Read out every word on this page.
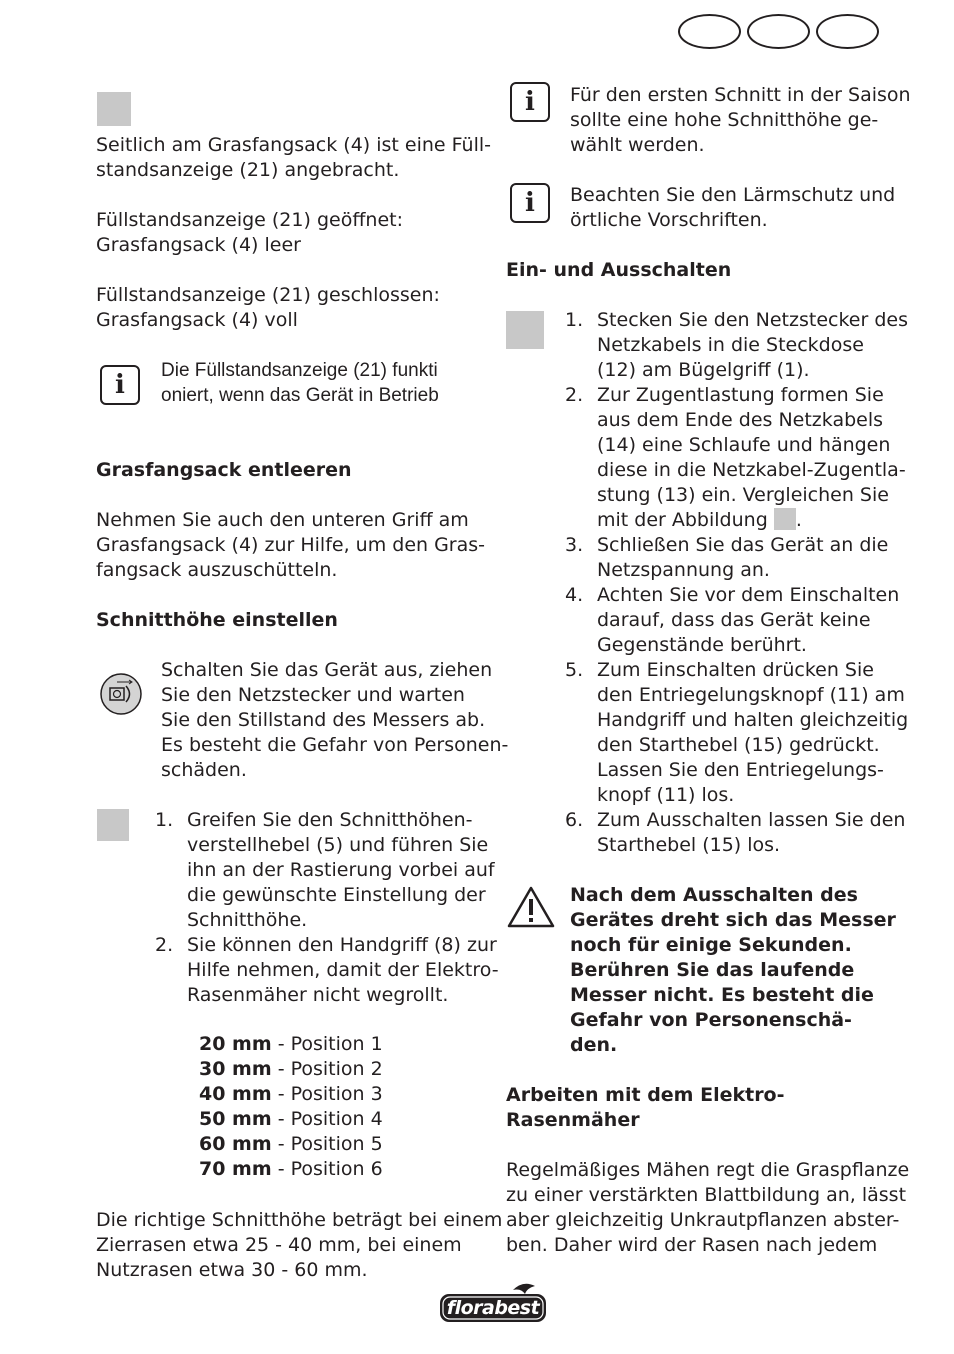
Seitlich am Grasfangsack (4) ist eine Füll-
standsanzeige (21) angebracht.
Füllstandsanzeige (21) geöffnet:
Grasfangsack (4) leer
Füllstandsanzeige (21) geschlossen:
Grasfangsack (4) voll
i	Die Füllstandsanzeige (21) funkti
oniert, wenn das Gerät in Betrieb
Grasfangsack entleeren
Nehmen Sie auch den unteren Griff am
Grasfangsack (4) zur Hilfe, um den Gras-
fangsack auszuschütteln.
Schnitthöhe einstellen
Schalten Sie das Gerät aus, ziehen
Sie den Netzstecker und warten
Sie den Stillstand des Messers ab.
Es besteht die Gefahr von Personen-
schäden.
1. Greifen Sie den Schnitthöhen-
verstellhebel (5) und führen Sie
ihn an der Rastierung vorbei auf
die gewünschte Einstellung der
Schnitthöhe.
2. Sie können den Handgriff (8) zur
Hilfe nehmen, damit der Elektro-
Rasenmäher nicht wegrollt.
20 mm - Position 1
30 mm - Position 2
40 mm - Position 3
50 mm - Position 4
60 mm - Position 5
70 mm - Position 6
Die richtige Schnitthöhe beträgt bei einem
Zierrasen etwa 25 - 40 mm, bei einem
Nutzrasen etwa 30 - 60 mm.
i	Für den ersten Schnitt in der Saison
sollte eine hohe Schnitthöhe ge-
wählt werden.
i	Beachten Sie den Lärmschutz und
örtliche Vorschriften.
Ein- und Ausschalten
1. Stecken Sie den Netzstecker des
Netzkabels in die Steckdose
(12) am Bügelgriff (1).
2. Zur Zugentlastung formen Sie
aus dem Ende des Netzkabels
(14) eine Schlaufe und hängen
diese in die Netzkabel-Zugentla-
stung (13) ein. Vergleichen Sie
mit der Abbildung .
3. Schließen Sie das Gerät an die
Netzspannung an.
4. Achten Sie vor dem Einschalten
darauf, dass das Gerät keine
Gegenstände berührt.
5. Zum Einschalten drücken Sie
den Entriegelungsknopf (11) am
Handgriff und halten gleichzeitig
den Starthebel (15) gedrückt.
Lassen Sie den Entriegelungs-
knopf (11) los.
6. Zum Ausschalten lassen Sie den
Starthebel (15) los.
Nach dem Ausschalten des
Gerätes dreht sich das Messer
noch für einige Sekunden.
Berühren Sie das laufende
Messer nicht. Es besteht die
Gefahr von Personenschä-
den.
Arbeiten mit dem Elektro-
Rasenmäher
Regelmäßiges Mähen regt die Graspflanze
zu einer verstärkten Blattbildung an, lässt
aber gleichzeitig Unkrautpflanzen abster-
ben. Daher wird der Rasen nach jedem
florabest
